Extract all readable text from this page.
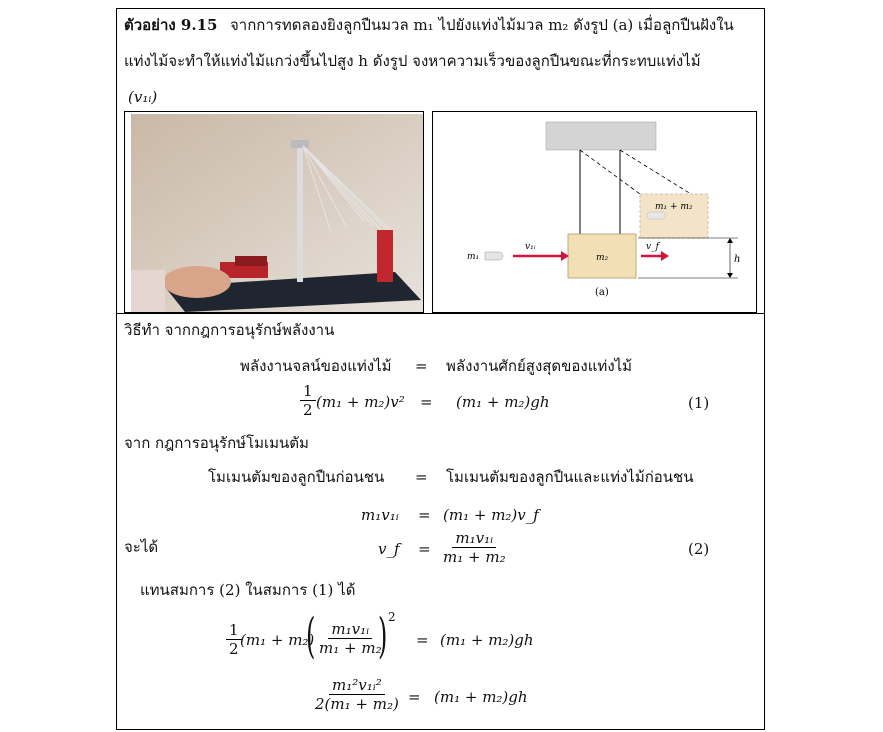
ตัวอย่าง 9.15 จากการทดลองยิงลูกปืนมวล m₁ ไปยังแท่งไม้มวล m₂ ดังรูป (a) เมื่อลูกปืนฝังใน
แท่งไม้จะทำให้แท่งไม้แกว่งขึ้นไปสูง h ดังรูป จงหาความเร็วของลูกปืนขณะที่กระทบแท่งไม้
(v₁ᵢ)
m₁
v₁ᵢ
m₂
v_f
m₁ + m₂
h
(a)
วิธีทำ จากกฎการอนุรักษ์พลังงาน
พลังงานจลน์ของแท่งไม้ = พลังงานศักย์สูงสุดของแท่งไม้
$\frac{1}{2} (m_1 + m_2)v^2 = (m_1 + m_2)gh$	(1)
จาก กฎการอนุรักษ์โมเมนตัม
โมเมนตัมของลูกปืนก่อนชน = โมเมนตัมของลูกปืนและแท่งไม้ก่อนชน
m₁v₁ᵢ = (m₁ + m₂)v_f
จะได้	v_f = $\frac{\text{m₁v₁ᵢ}}{\text{m₁ + m₂}}$	(2)
แทนสมการ (2) ในสมการ (1) ได้
$\frac{1}{2}$
(m₁ + m₂)
( $\frac{\text{m₁v₁ᵢ}}{\text{m₁ + m₂}}$
) 2
= (m₁ + m₂)gh
$\frac{\text{m₁²v₁ᵢ²}}{\text{2(m₁ + m₂)}} = (m_1 + m_2)gh$
